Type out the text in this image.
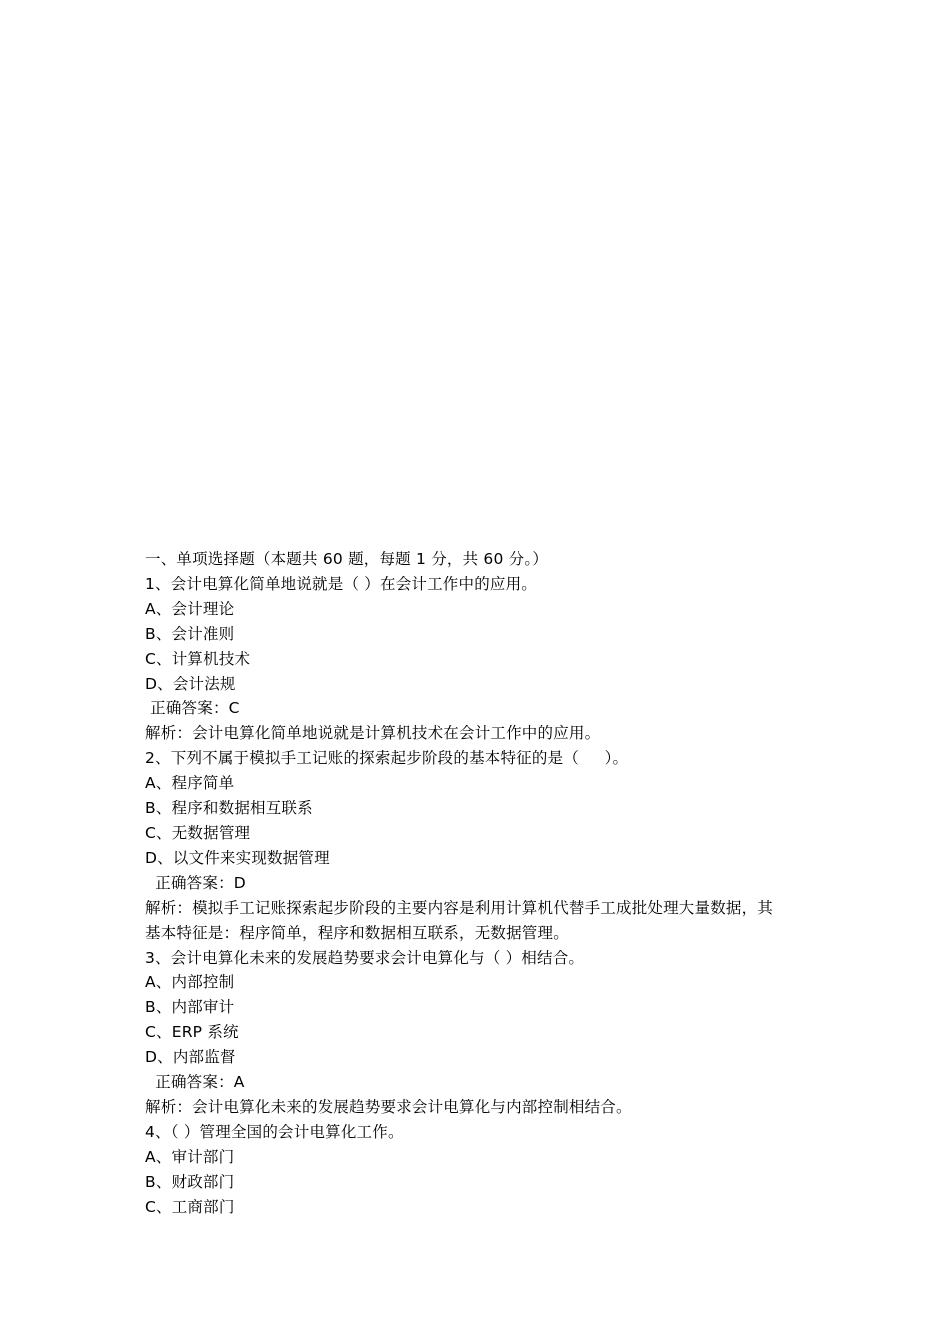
一、单项选择题（本题共 60 题，每题 1 分，共 60 分。）
1、会计电算化简单地说就是（ ）在会计工作中的应用。
A、会计理论
B、会计准则
C、计算机技术
D、会计法规
正确答案：C
解析：会计电算化简单地说就是计算机技术在会计工作中的应用。
2、下列不属于模拟手工记账的探索起步阶段的基本特征的是（     ）。
A、程序简单
B、程序和数据相互联系
C、无数据管理
D、以文件来实现数据管理
正确答案：D
解析：模拟手工记账探索起步阶段的主要内容是利用计算机代替手工成批处理大量数据，其
基本特征是：程序简单，程序和数据相互联系，无数据管理。
3、会计电算化未来的发展趋势要求会计电算化与（ ）相结合。
A、内部控制
B、内部审计
C、ERP 系统
D、内部监督
正确答案：A
解析：会计电算化未来的发展趋势要求会计电算化与内部控制相结合。
4、（ ）管理全国的会计电算化工作。
A、审计部门
B、财政部门
C、工商部门
